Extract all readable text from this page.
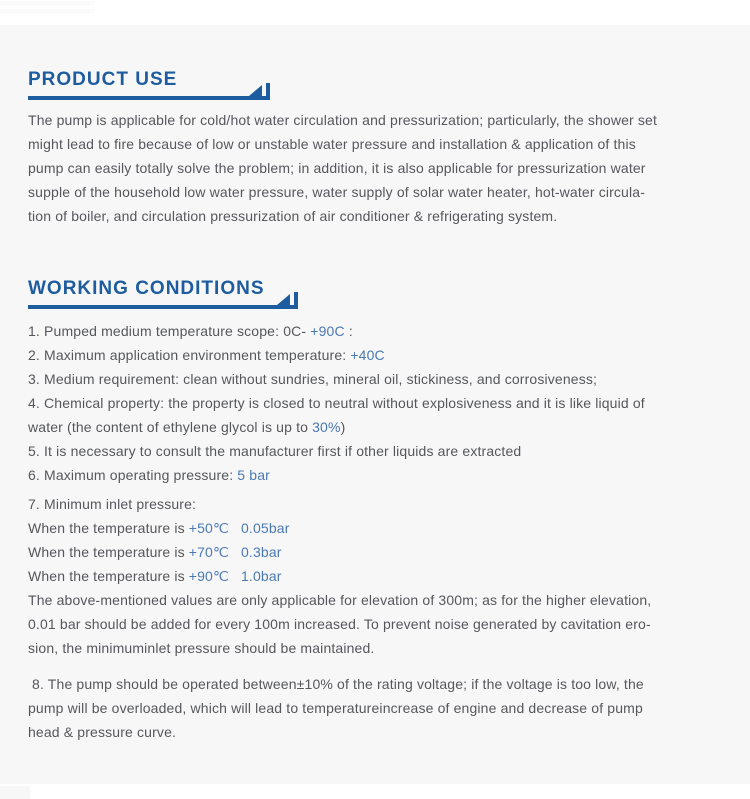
PRODUCT USE
The pump is applicable for cold/hot water circulation and pressurization; particularly, the shower set
might lead to fire because of low or unstable water pressure and installation & application of this
pump can easily totally solve the problem; in addition, it is also applicable for pressurization water
supple of the household low water pressure, water supply of solar water heater, hot-water circula-
tion of boiler, and circulation pressurization of air conditioner & refrigerating system.
WORKING CONDITIONS
1. Pumped medium temperature scope: 0C- +90C :
2. Maximum application environment temperature: +40C
3. Medium requirement: clean without sundries, mineral oil, stickiness, and corrosiveness;
4. Chemical property: the property is closed to neutral without explosiveness and it is like liquid of
water (the content of ethylene glycol is up to 30%)
5. It is necessary to consult the manufacturer first if other liquids are extracted
6. Maximum operating pressure: 5 bar
7. Minimum inlet pressure:
When the temperature is +50℃ 0.05bar
When the temperature is +70℃ 0.3bar
When the temperature is +90℃ 1.0bar
The above-mentioned values are only applicable for elevation of 300m; as for the higher elevation,
0.01 bar should be added for every 100m increased. To prevent noise generated by cavitation ero-
sion, the minimuminlet pressure should be maintained.
8. The pump should be operated between±10% of the rating voltage; if the voltage is too low, the
pump will be overloaded, which will lead to temperatureincrease of engine and decrease of pump
head & pressure curve.
